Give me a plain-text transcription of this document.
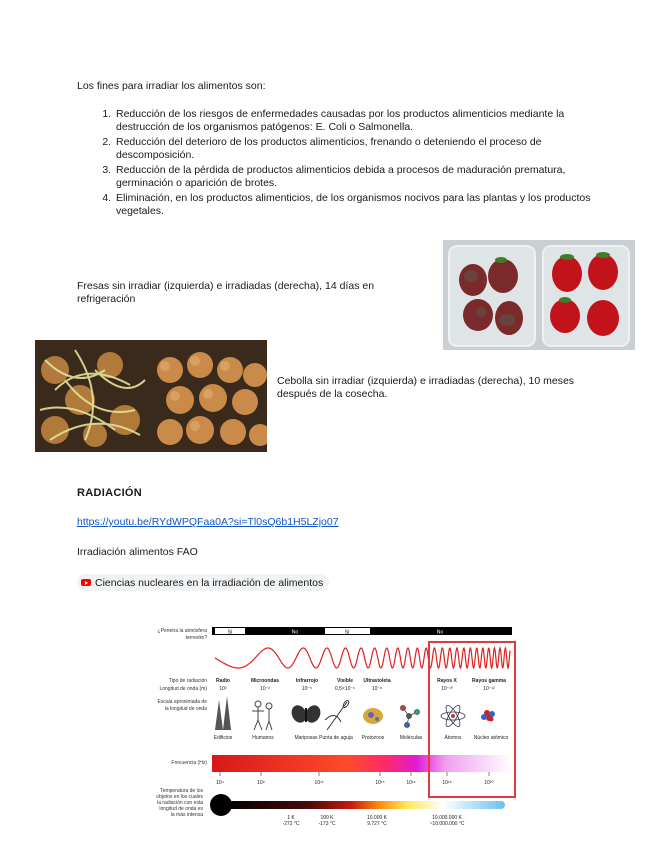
Los fines para irradiar los alimentos son:
1. Reducción de los riesgos de enfermedades causadas por los productos alimenticios mediante la destrucción de los organismos patógenos: E. Coli o Salmonella.
2. Reducción del deterioro de los productos alimenticios, frenando o deteniendo el proceso de descomposición.
3. Reducción de la pérdida de productos alimenticios debida a procesos de maduración prematura, germinación o aparición de brotes.
4. Eliminación, en los productos alimenticios, de los organismos nocivos para las plantas y los productos vegetales.
Fresas sin irradiar (izquierda) e irradiadas (derecha), 14 días en refrigeración
Cebolla sin irradiar (izquierda) e irradiadas (derecha), 10 meses después de la cosecha.
RADIACIÓN
https://youtu.be/RYdWPQFaa0A?si=Tl0sQ6b1H5LZjo07
Irradiación alimentos FAO
Ciencias nucleares en la irradiación de alimentos
¿Penetra la atmósfera
terrestre?
Sí	No	Sí	No
Tipo de radiación
Longitud de onda (m)
Escala aproximada de
la longitud de onda
Radio	Microondas	Infrarrojo	Visible Ultravioleta	Rayos X	Rayos gamma
10³	10⁻²	10⁻⁵	0,5×10⁻⁶	10⁻⁸	10⁻¹⁰	10⁻¹²
Edificios	Humanos	Mariposas Punta de aguja Protozoos	Moléculas	Átomos Núcleo atómico
Frecuencia (Hz)
10⁴	10⁸	10¹²	10¹⁵	10¹⁶	10¹⁸	10²⁰
Temperatura de los
objetos en los cuales
la radiación con esta
longitud de onda es
la más intensa	1 K
-272 °C
100 K
-173 °C
10.000 K
9.727 °C
10.000.000 K
~10.000.000 °C
